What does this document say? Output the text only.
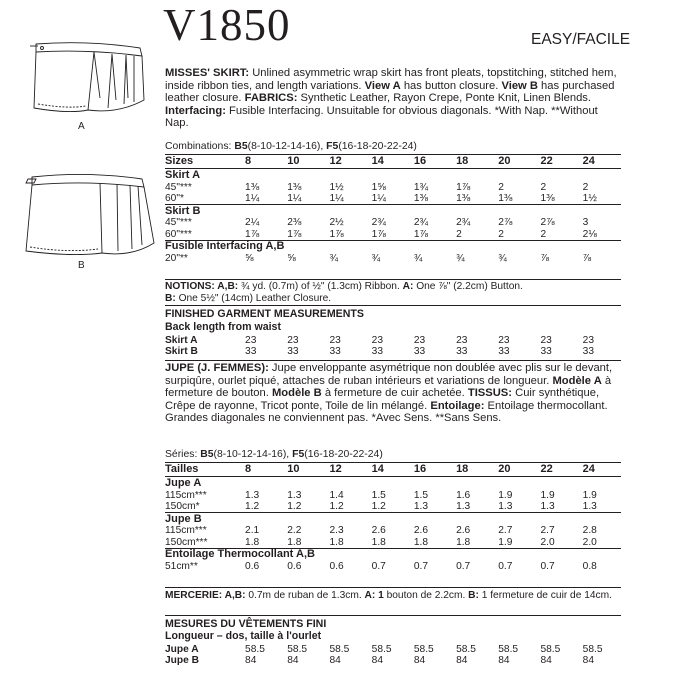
V1850	EASY/FACILE
A
B
MISSES' SKIRT: Unlined asymmetric wrap skirt has front pleats, topstitching, stitched hem, inside ribbon ties, and length variations. View A has button closure. View B has purchased leather closure. FABRICS: Synthetic Leather, Rayon Crepe, Ponte Knit, Linen Blends. Interfacing: Fusible Interfacing. Unsuitable for obvious diagonals. *With Nap. **Without Nap.
Combinations: B5(8-10-12-14-16), F5(16-18-20-22-24)
Sizes	8	10	12	14	16	18	20	22	24
Skirt A									
45"***	1⅜	1⅜	1½	1⅝	1¾	1⅞	2	2	2
60"*	1¼	1¼	1¼	1¼	1⅜	1⅜	1⅜	1⅜	1½
Skirt B									
45"***	2¼	2⅜	2½	2¾	2¾	2¾	2⅞	2⅞	3
60"***	1⅞	1⅞	1⅞	1⅞	1⅞	2	2	2	2⅛
Fusible Interfacing A,B									
20"**	⅝	⅝	¾	¾	¾	¾	¾	⅞	⅞
NOTIONS: A,B: ¾ yd. (0.7m) of ½" (1.3cm) Ribbon. A: One ⅞" (2.2cm) Button.
B: One 5½" (14cm) Leather Closure.
FINISHED GARMENT MEASUREMENTS
Back length from waist
Skirt A	23	23	23	23	23	23	23	23	23
Skirt B	33	33	33	33	33	33	33	33	33
JUPE (J. FEMMES): Jupe enveloppante asymétrique non doublée avec plis sur le devant, surpiqûre, ourlet piqué, attaches de ruban intérieurs et variations de longueur. Modèle A à fermeture de bouton. Modèle B à fermeture de cuir achetée. TISSUS: Cuir synthétique, Crêpe de rayonne, Tricot ponte, Toile de lin mélangé. Entoilage: Entoilage thermocollant. Grandes diagonales ne conviennent pas. *Avec Sens. **Sans Sens.
Séries: B5(8-10-12-14-16), F5(16-18-20-22-24)
Tailles	8	10	12	14	16	18	20	22	24
Jupe A									
115cm***	1.3	1.3	1.4	1.5	1.5	1.6	1.9	1.9	1.9
150cm*	1.2	1.2	1.2	1.2	1.3	1.3	1.3	1.3	1.3
Jupe B									
115cm***	2.1	2.2	2.3	2.6	2.6	2.6	2.7	2.7	2.8
150cm***	1.8	1.8	1.8	1.8	1.8	1.8	1.9	2.0	2.0
Entoilage Thermocollant A,B									
51cm**	0.6	0.6	0.6	0.7	0.7	0.7	0.7	0.7	0.8
MERCERIE: A,B: 0.7m de ruban de 1.3cm. A: 1 bouton de 2.2cm. B: 1 fermeture de cuir de 14cm.
MESURES DU VÊTEMENTS FINI
Longueur – dos, taille à l'ourlet
Jupe A	58.5	58.5	58.5	58.5	58.5	58.5	58.5	58.5	58.5
Jupe B	84	84	84	84	84	84	84	84	84
